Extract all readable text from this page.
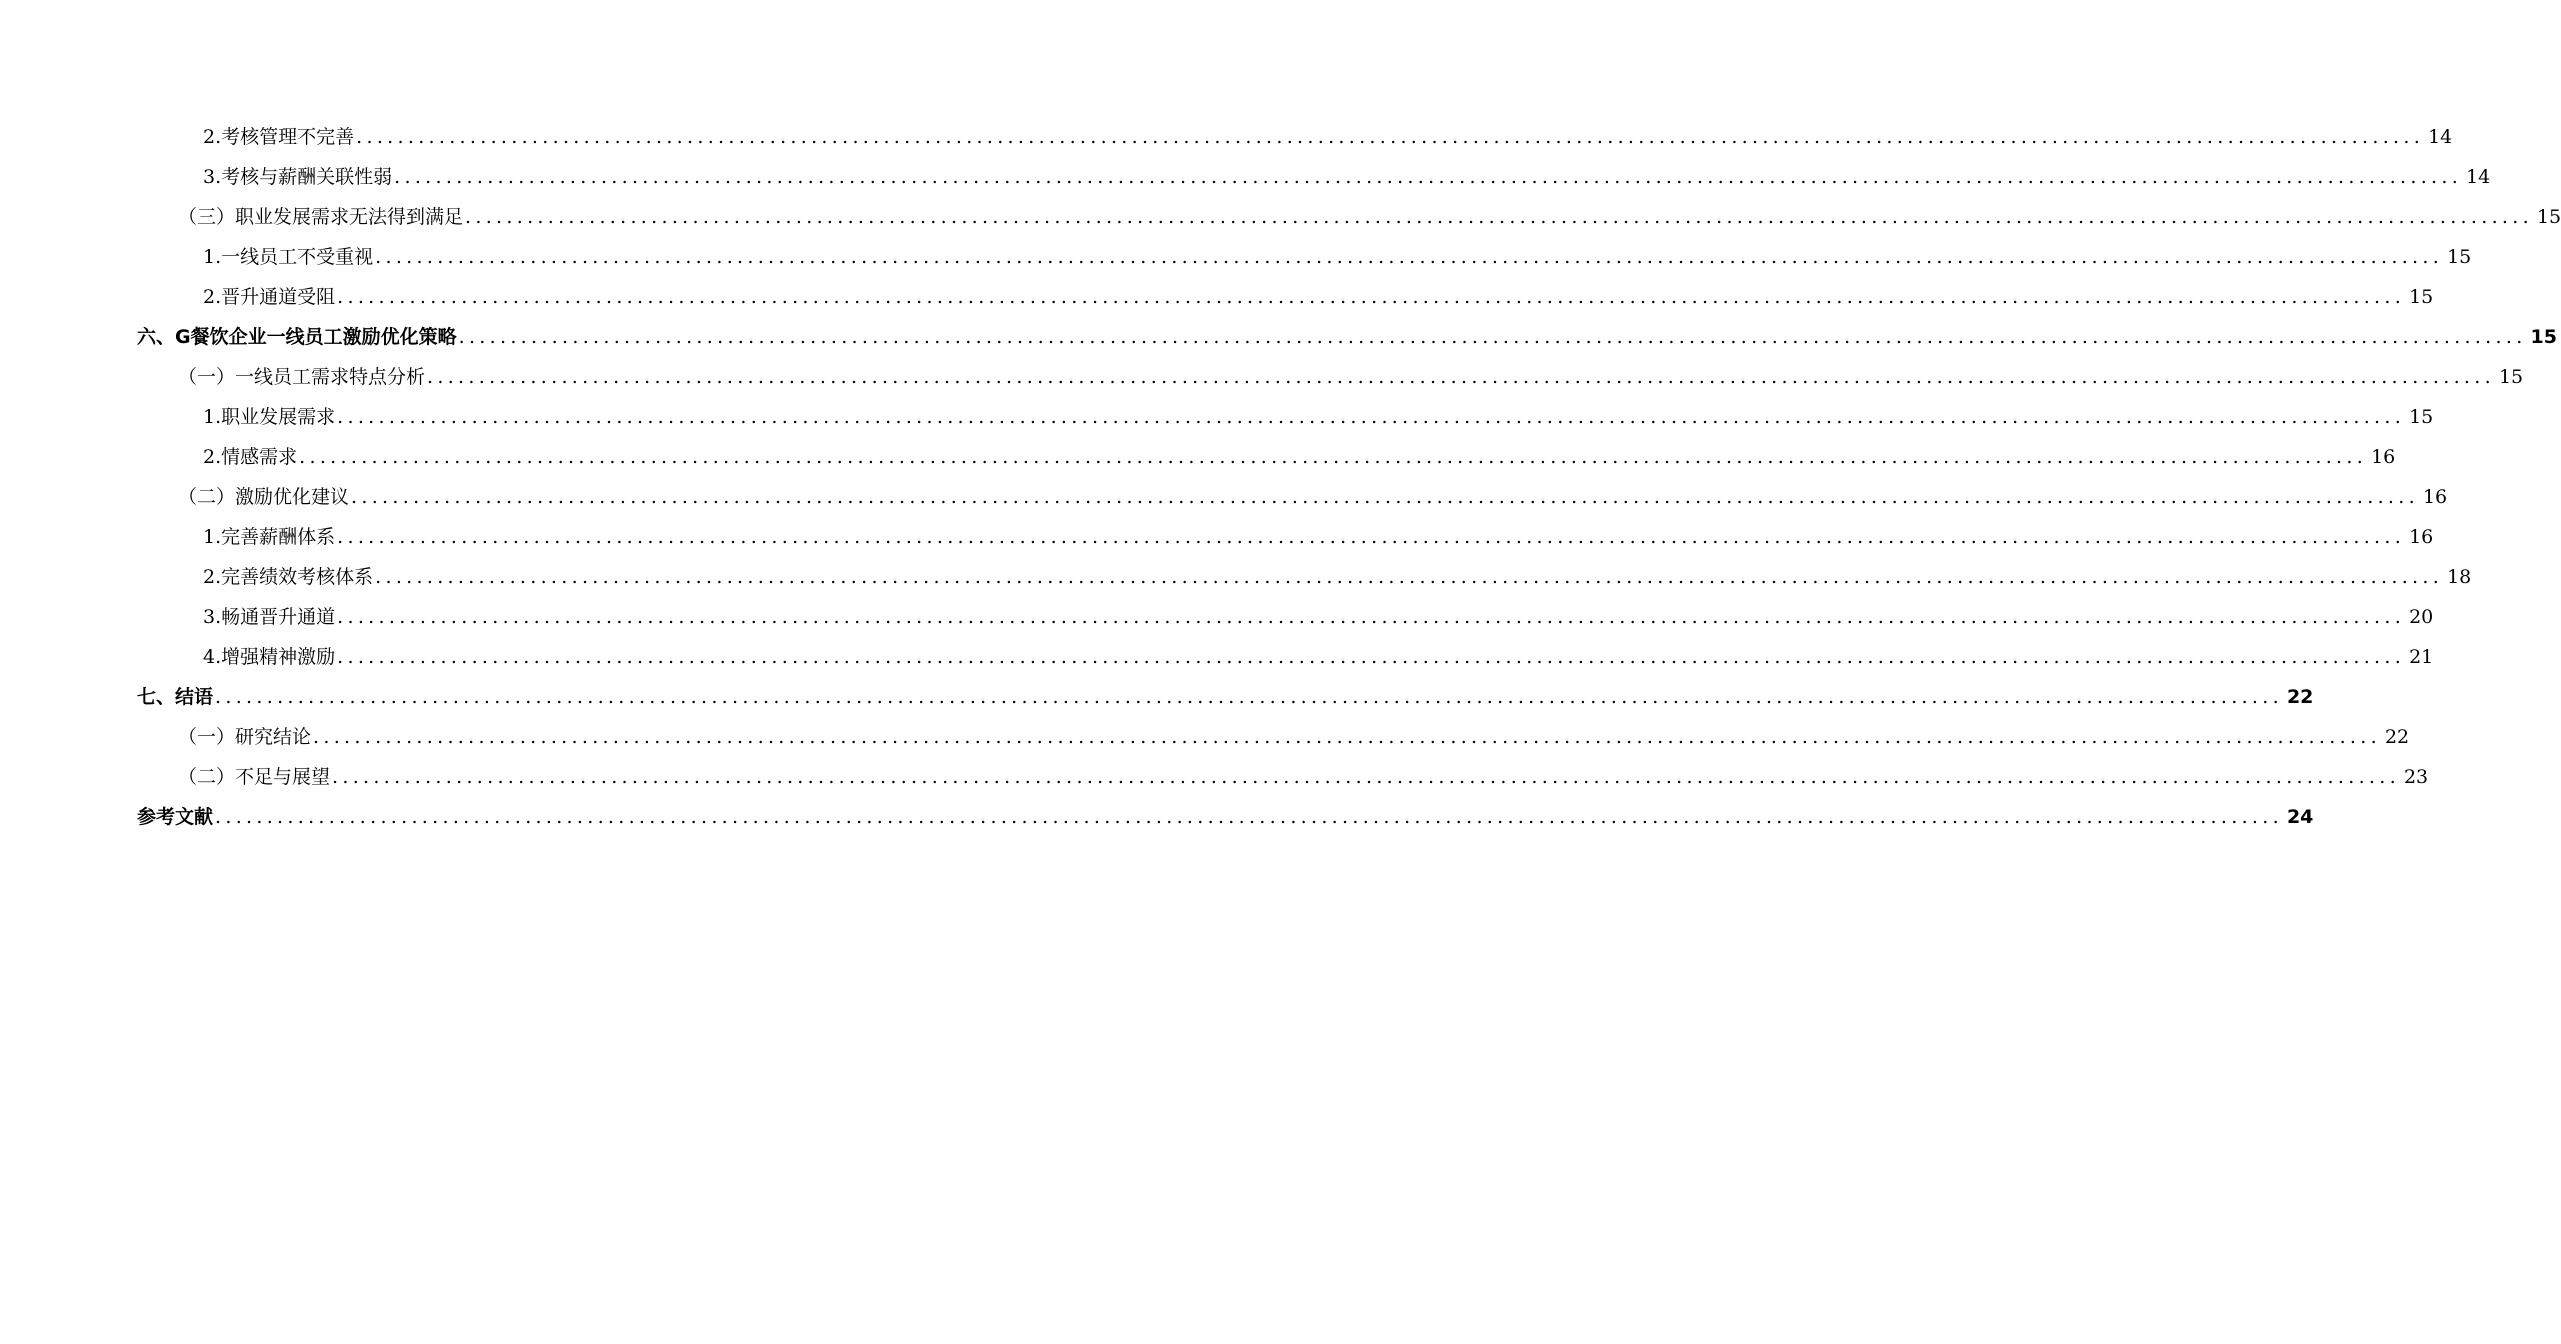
2. 考核管理不完善 ........................................................................................................................................................................................................ 14
3. 考核与薪酬关联性弱 ........................................................................................................................................................................................................ 14
（三） 职业发展需求无法得到满足 ........................................................................................................................................................................................................ 15
1. 一线员工不受重视 ........................................................................................................................................................................................................ 15
2. 晋升通道受阻 ........................................................................................................................................................................................................ 15
六、 G餐饮企业一线员工激励优化策略 ........................................................................................................................................................................................................ 15
（一） 一线员工需求特点分析 ........................................................................................................................................................................................................ 15
1. 职业发展需求 ........................................................................................................................................................................................................ 15
2. 情感需求 ........................................................................................................................................................................................................ 16
（二） 激励优化建议 ........................................................................................................................................................................................................ 16
1. 完善薪酬体系 ........................................................................................................................................................................................................ 16
2. 完善绩效考核体系 ........................................................................................................................................................................................................ 18
3. 畅通晋升通道 ........................................................................................................................................................................................................ 20
4. 增强精神激励 ........................................................................................................................................................................................................ 21
七、 结语 ........................................................................................................................................................................................................ 22
（一） 研究结论 ........................................................................................................................................................................................................ 22
（二） 不足与展望 ........................................................................................................................................................................................................ 23
参考文献 ........................................................................................................................................................................................................ 24
